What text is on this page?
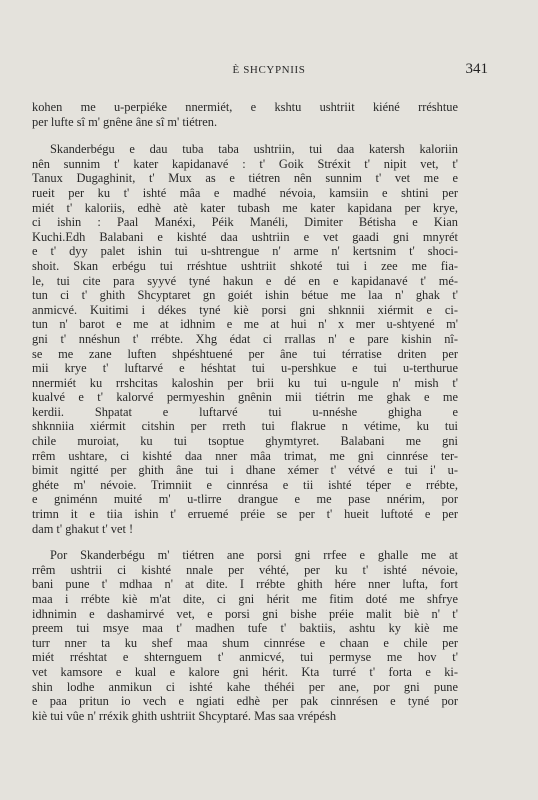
È SHCYPNIIS	341
kohen me u-perpiéke nnermiét, e kshtu ushtriit kiéné rréshtue
per lufte sî m' gnêne âne sî m' tiétren.
Skanderbégu e dau tuba taba ushtriin, tui daa katersh kaloriin
nên sunnim t' kater kapidanavé : t' Goik Stréxit t' nipit vet, t'
Tanux Dugaghinit, t' Mux as e tiétren nên sunnim t' vet me e
rueit per ku t' ishté mâa e madhé névoia, kamsiin e shtini per
miét t' kaloriis, edhè atè kater tubash me kater kapidana per krye,
ci ishin : Paal Manéxi, Péik Manéli, Dimiter Bétisha e Kian
Kuchi.Edh Balabani e kishté daa ushtriin e vet gaadi gni mnyrét
e t' dyy palet ishin tui u-shtrengue n' arme n' kertsnim t' shoci-
shoit. Skan erbégu tui rréshtue ushtriit shkoté tui i zee me fia-
le, tui cite para syyvé tyné hakun e dé en e kapidanavé t' mé-
tun ci t' ghith Shcyptaret gn goiét ishin bétue me laa n' ghak t'
anmicvé. Kuitimi i dékes tyné kiè porsi gni shknnii xiérmit e ci-
tun n' barot e me at idhnim e me at hui n' x mer u-shtyené m'
gni t' nnéshun t' rrébte. Xhg édat ci rrallas n' e pare kishin nî-
se me zane luften shpéshtuené per âne tui térratise driten per
mii krye t' luftarvé e héshtat tui u-pershkue e tui u-terthurue
nnermiét ku rrshcitas kaloshin per brii ku tui u-ngule n' mish t'
kualvé e t' kalorvé permyeshin gnênin mii tiétrin me ghak e me
kerdii. Shpatat e luftarvé tui u-nnéshe ghigha e
shknniia xiérmit citshin per rreth tui flakrue n vétime, ku tui
chile muroiat, ku tui tsoptue ghymtyret. Balabani me gni
rrêm ushtare, ci kishté daa nner mâa trimat, me gni cinnrése ter-
bimit ngitté per ghith âne tui i dhane xémer t' vétvé e tui i' u-
ghéte m' névoie. Trimniit e cinnrésa e tii ishté téper e rrébte,
e gniménn muité m' u-tlirre drangue e me pase nnérim, por
trimn it e tiia ishin t' erruemé préie se per t' hueit luftoté e per
dam t' ghakut t' vet !
Por Skanderbégu m' tiétren ane porsi gni rrfee e ghalle me at
rrêm ushtrii ci kishté nnale per véhté, per ku t' ishté névoie,
bani pune t' mdhaa n' at dite. I rrébte ghith hére nner lufta, fort
maa i rrébte kiè m'at dite, ci gni hérit me fitim doté me shfrye
idhnimin e dashamirvé vet, e porsi gni bishe préie malit biè n' t'
preem tui msye maa t' madhen tufe t' baktiis, ashtu ky kiè me
turr nner ta ku shef maa shum cinnrése e chaan e chile per
miét rréshtat e shternguem t' anmicvé, tui permyse me hov t'
vet kamsore e kual e kalore gni hérit. Kta turré t' forta e ki-
shin lodhe anmikun ci ishté kahe théhéi per ane, por gni pune
e paa pritun io vech e ngiati edhè per pak cinnrésen e tyné por
kiè tui vûe n' rréxik ghith ushtriit Shcyptaré. Mas saa vrépésh
